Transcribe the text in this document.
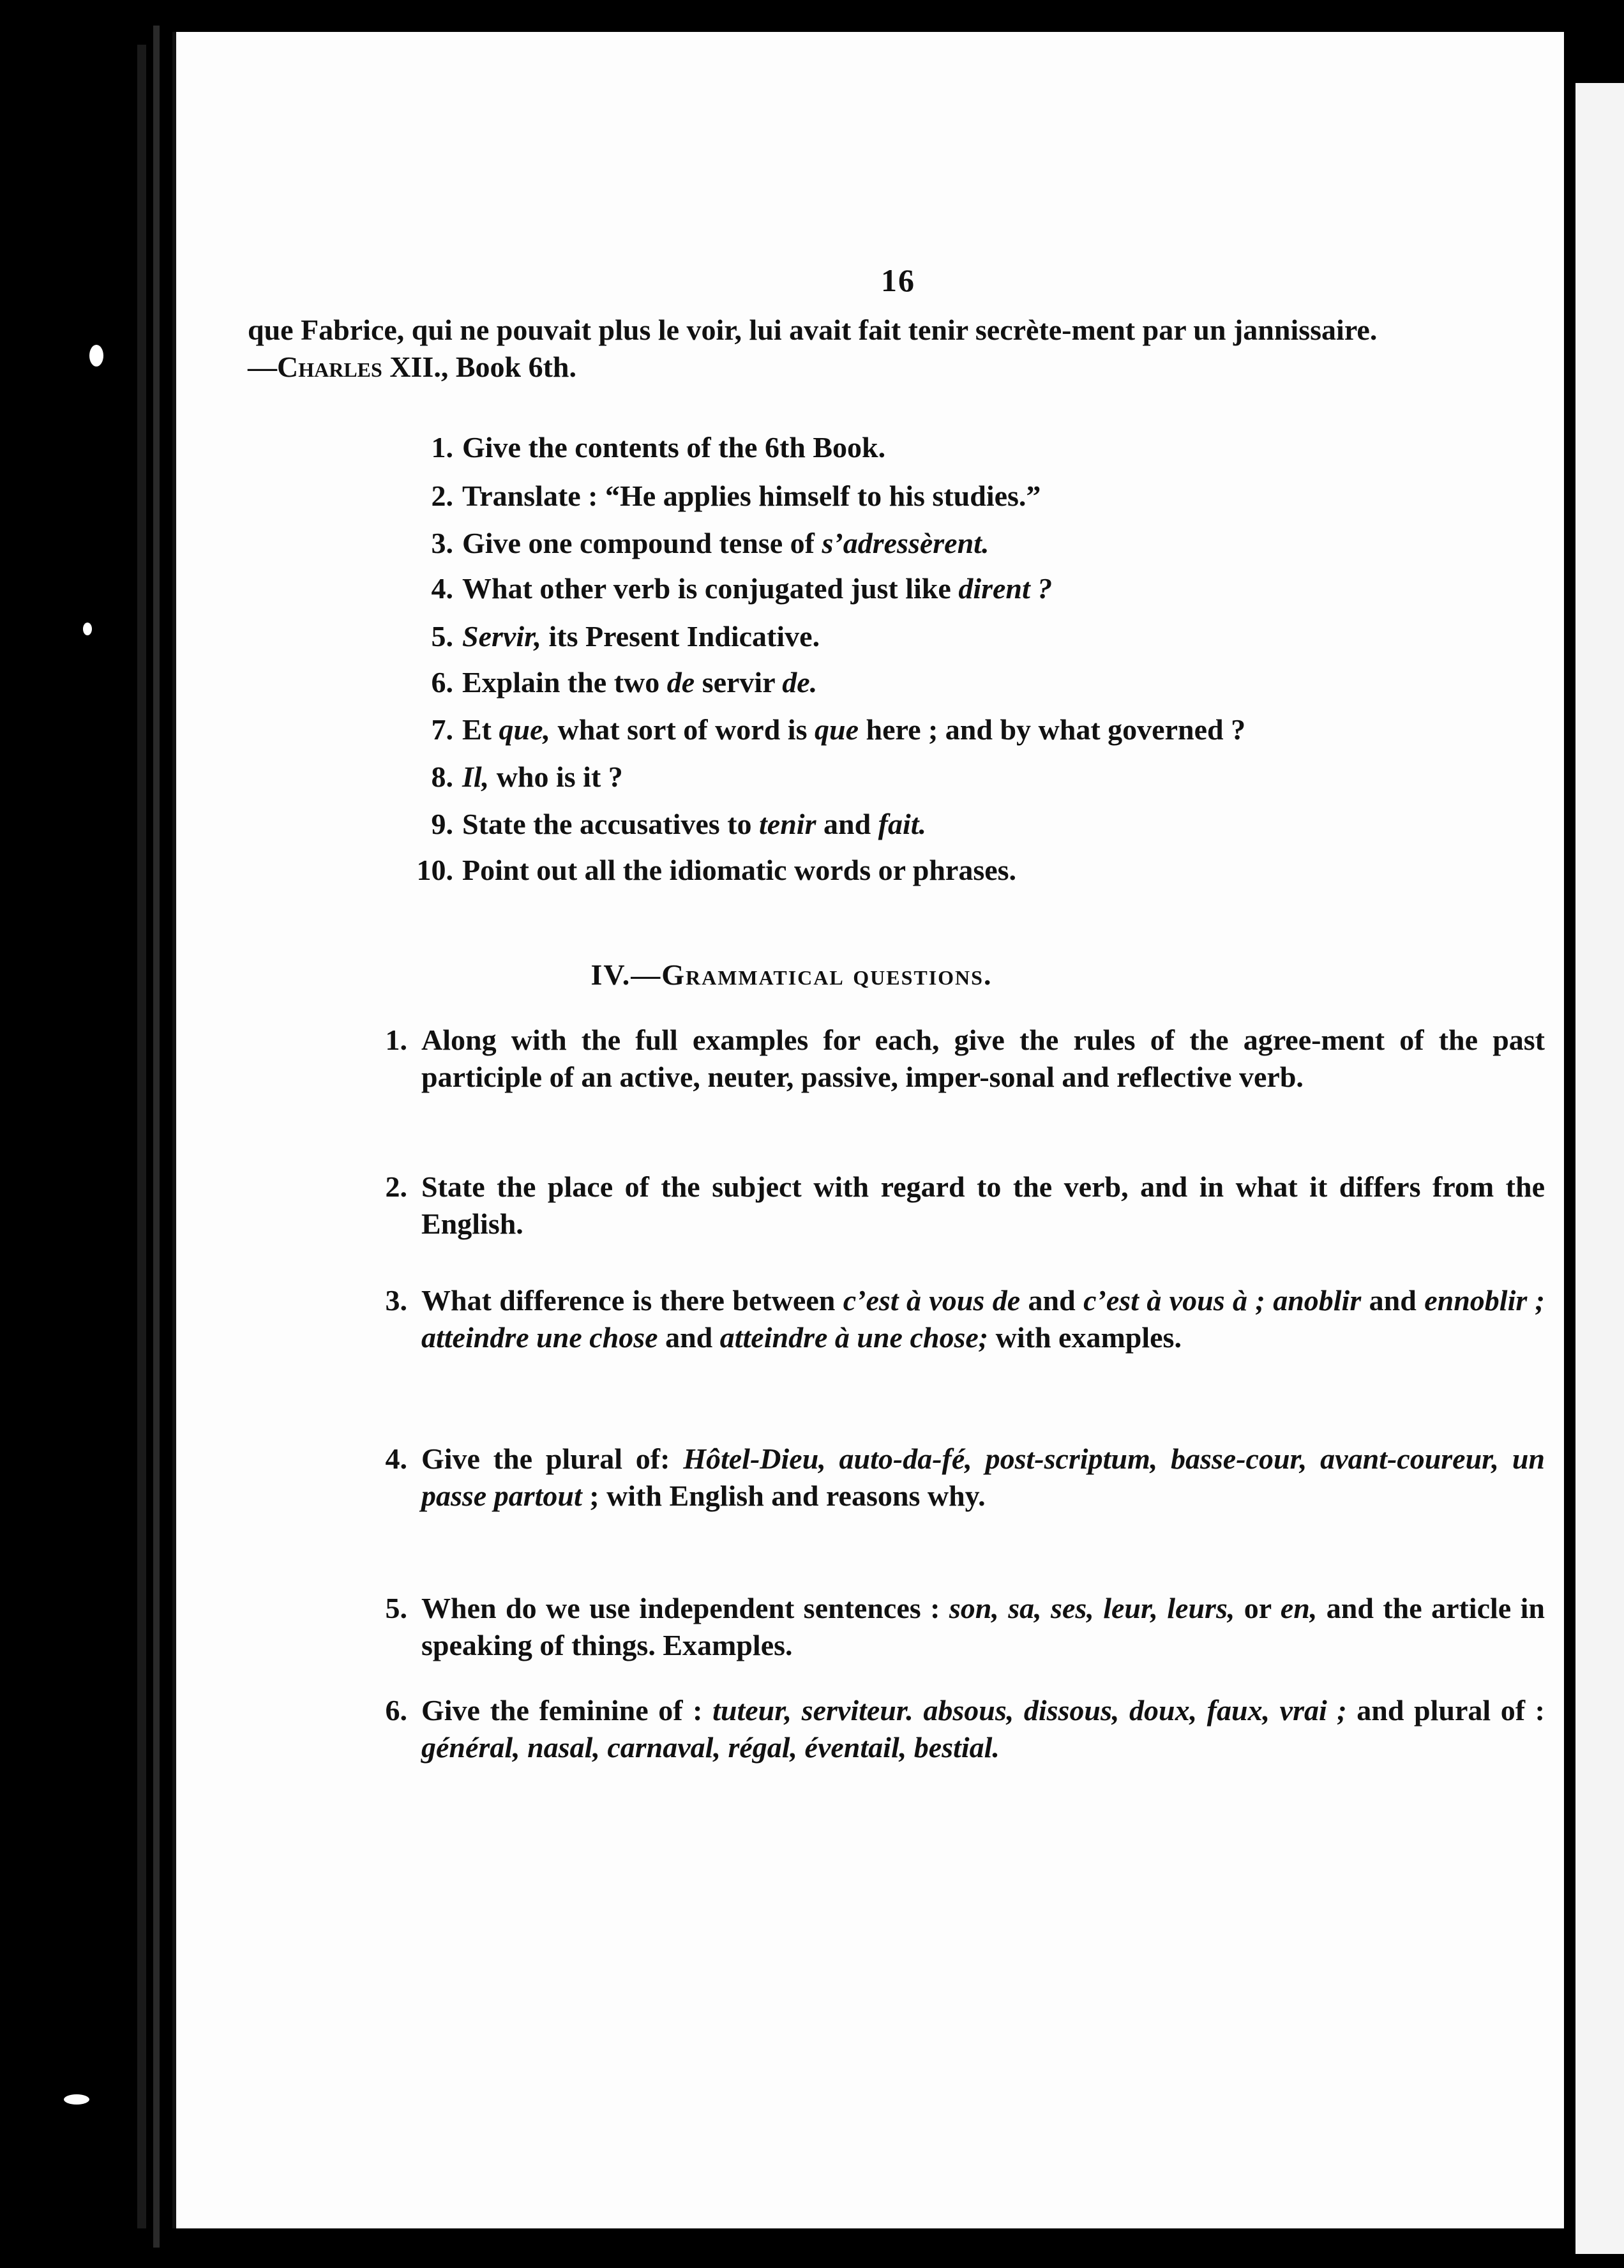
16

que Fabrice, qui ne pouvait plus le voir, lui avait fait tenir secrète-ment par un jannissaire.—Charles XII., Book 6th.

1. Give the contents of the 6th Book.
2. Translate : “He applies himself to his studies.”
3. Give one compound tense of s’adressèrent.
4. What other verb is conjugated just like dirent ?
5. Servir, its Present Indicative.
6. Explain the two de servir de.
7. Et que, what sort of word is que here ; and by what governed ?
8. Il, who is it ?
9. State the accusatives to tenir and fait.
10. Point out all the idiomatic words or phrases.
IV.—Grammatical questions.
1. Along with the full examples for each, give the rules of the agree-ment of the past participle of an active, neuter, passive, imper-sonal and reflective verb.
2. State the place of the subject with regard to the verb, and in what it differs from the English.
3. What difference is there between c’est à vous de and c’est à vous à ; anoblir and ennoblir ; atteindre une chose and atteindre à une chose; with examples.
4. Give the plural of: Hôtel-Dieu, auto-da-fé, post-scriptum, basse-cour, avant-coureur, un passe partout ; with English and reasons why.
5. When do we use independent sentences : son, sa, ses, leur, leurs, or en, and the article in speaking of things. Examples.
6. Give the feminine of : tuteur, serviteur. absous, dissous, doux, faux, vrai ; and plural of : général, nasal, carnaval, régal, éventail, bestial.
